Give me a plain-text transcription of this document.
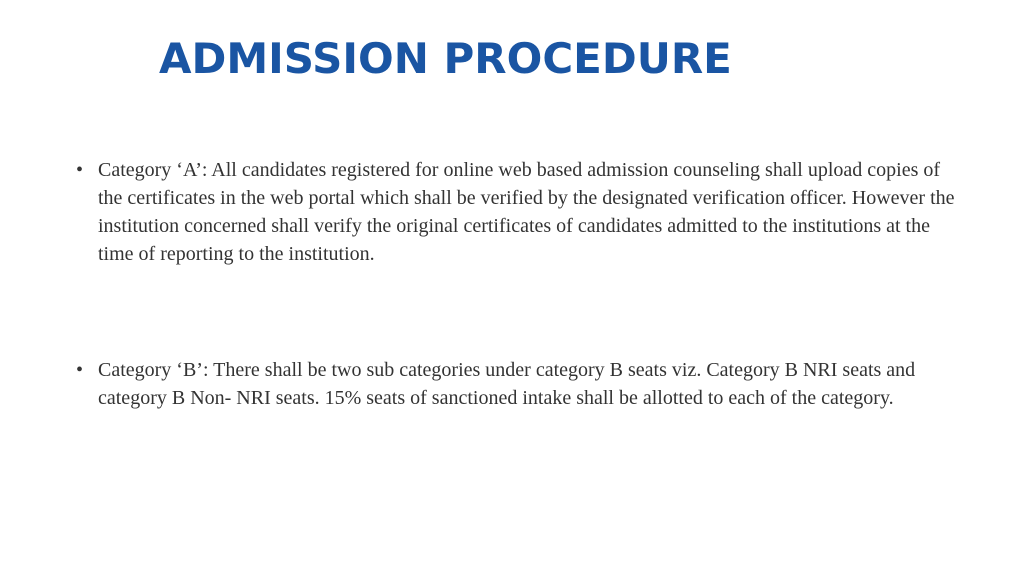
ADMISSION PROCEDURE
• Category ‘A’: All candidates registered for online web based admission counseling shall upload copies of the certificates in the web portal which shall be verified by the designated verification officer. However the institution concerned shall verify the original certificates of candidates admitted to the institutions at the time of reporting to the institution.
• Category ‘B’: There shall be two sub categories under category B seats viz. Category B NRI seats and category B Non- NRI seats. 15% seats of sanctioned intake shall be allotted to each of the category.
